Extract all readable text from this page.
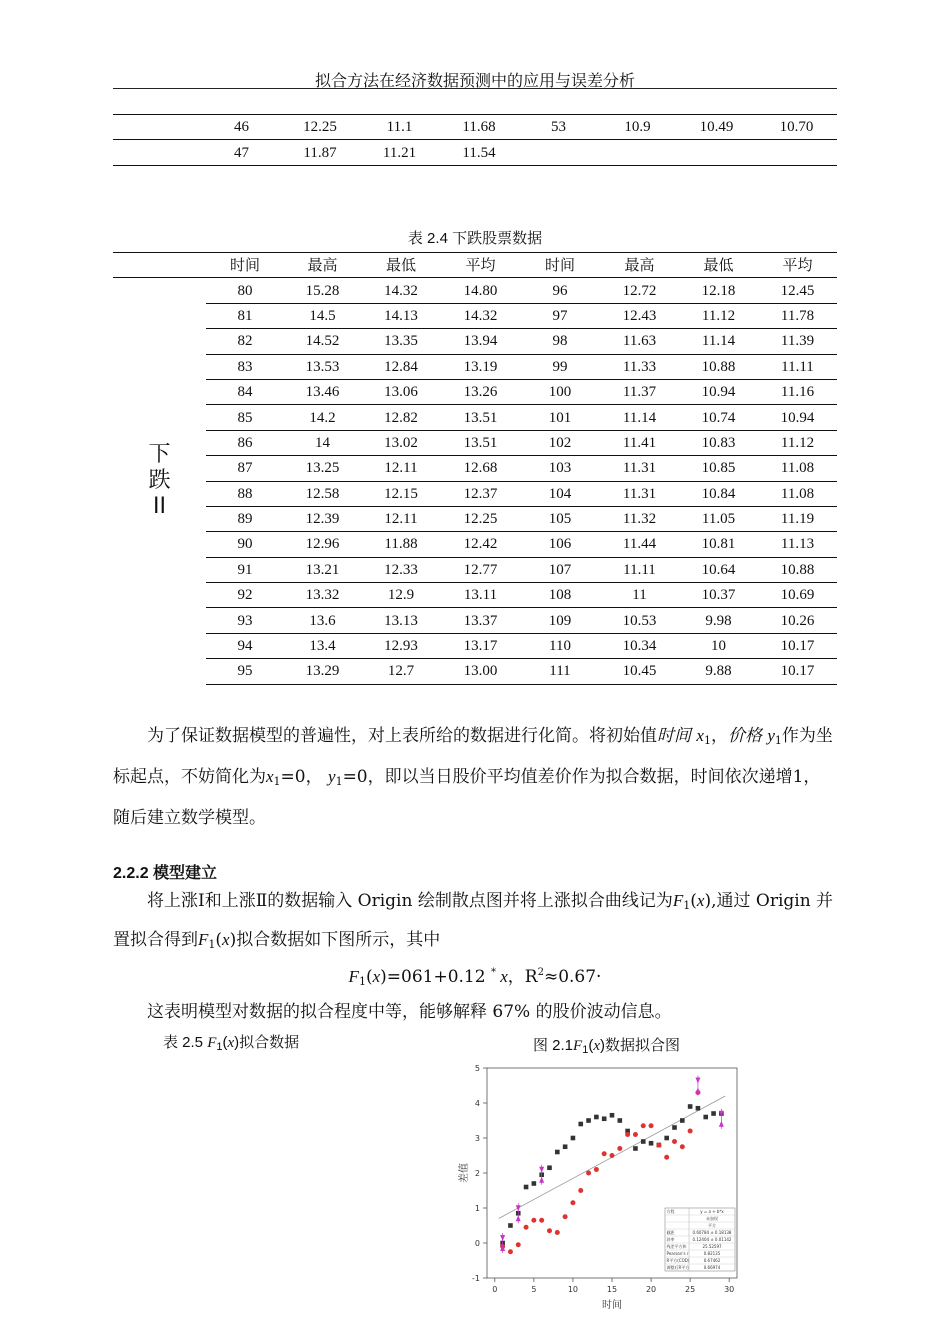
拟合方法在经济数据预测中的应用与误差分析
	46	12.25	11.1	11.68	53	10.9	10.49	10.70
	47	11.87	11.21	11.54				
表 2.4 下跌股票数据
	时间	最高	最低	平均	时间	最高	最低	平均

下
跌
II	80	15.28	14.32	14.80	96	12.72	12.18	12.45
	81	14.5	14.13	14.32	97	12.43	11.12	11.78
	82	14.52	13.35	13.94	98	11.63	11.14	11.39
	83	13.53	12.84	13.19	99	11.33	10.88	11.11
	84	13.46	13.06	13.26	100	11.37	10.94	11.16
	85	14.2	12.82	13.51	101	11.14	10.74	10.94
	86	14	13.02	13.51	102	11.41	10.83	11.12
	87	13.25	12.11	12.68	103	11.31	10.85	11.08
	88	12.58	12.15	12.37	104	11.31	10.84	11.08
	89	12.39	12.11	12.25	105	11.32	11.05	11.19
	90	12.96	11.88	12.42	106	11.44	10.81	11.13
	91	13.21	12.33	12.77	107	11.11	10.64	10.88
	92	13.32	12.9	13.11	108	11	10.37	10.69
	93	13.6	13.13	13.37	109	10.53	9.98	10.26
	94	13.4	12.93	13.17	110	10.34	10	10.17
	95	13.29	12.7	13.00	111	10.45	9.88	10.17

为了保证数据模型的普遍性，对上表所给的数据进行化简。将初始值时间 $x_1$，价格 $y_1$作为坐标起点，不妨简化为$x_1=0$， $y_1=0$，即以当日股价平均值差价作为拟合数据，时间依次递增1，随后建立数学模型。

2.2.2 模型建立

将上涨Ⅰ和上涨Ⅱ的数据输入 Origin 绘制散点图并将上涨拟合曲线记为$F_1(x)$,通过 Origin 并置拟合得到$F_1(x)$拟合数据如下图所示，其中

$F_1(x)=061+0.12$ * x，$R^2\approx 0.67\cdot$

这表明模型对数据的拟合程度中等，能够解释 67% 的股价波动信息。

表 2.5 $F_1(x)$拟合数据	图 $2.1F_1(x)$数据拟合图
0	5	10	15	20	25	30
-1
0
1
2
3
4
5
时间
差值
方程	y = a + b*x
未加权
平方
截距	0.60784 ± 0.18138
斜率	0.12404 ± 0.01142
残差平方和	25.52597
Pearson's r	0.82135
R平方(COD)	0.67462
调整后R平方	0.66974
